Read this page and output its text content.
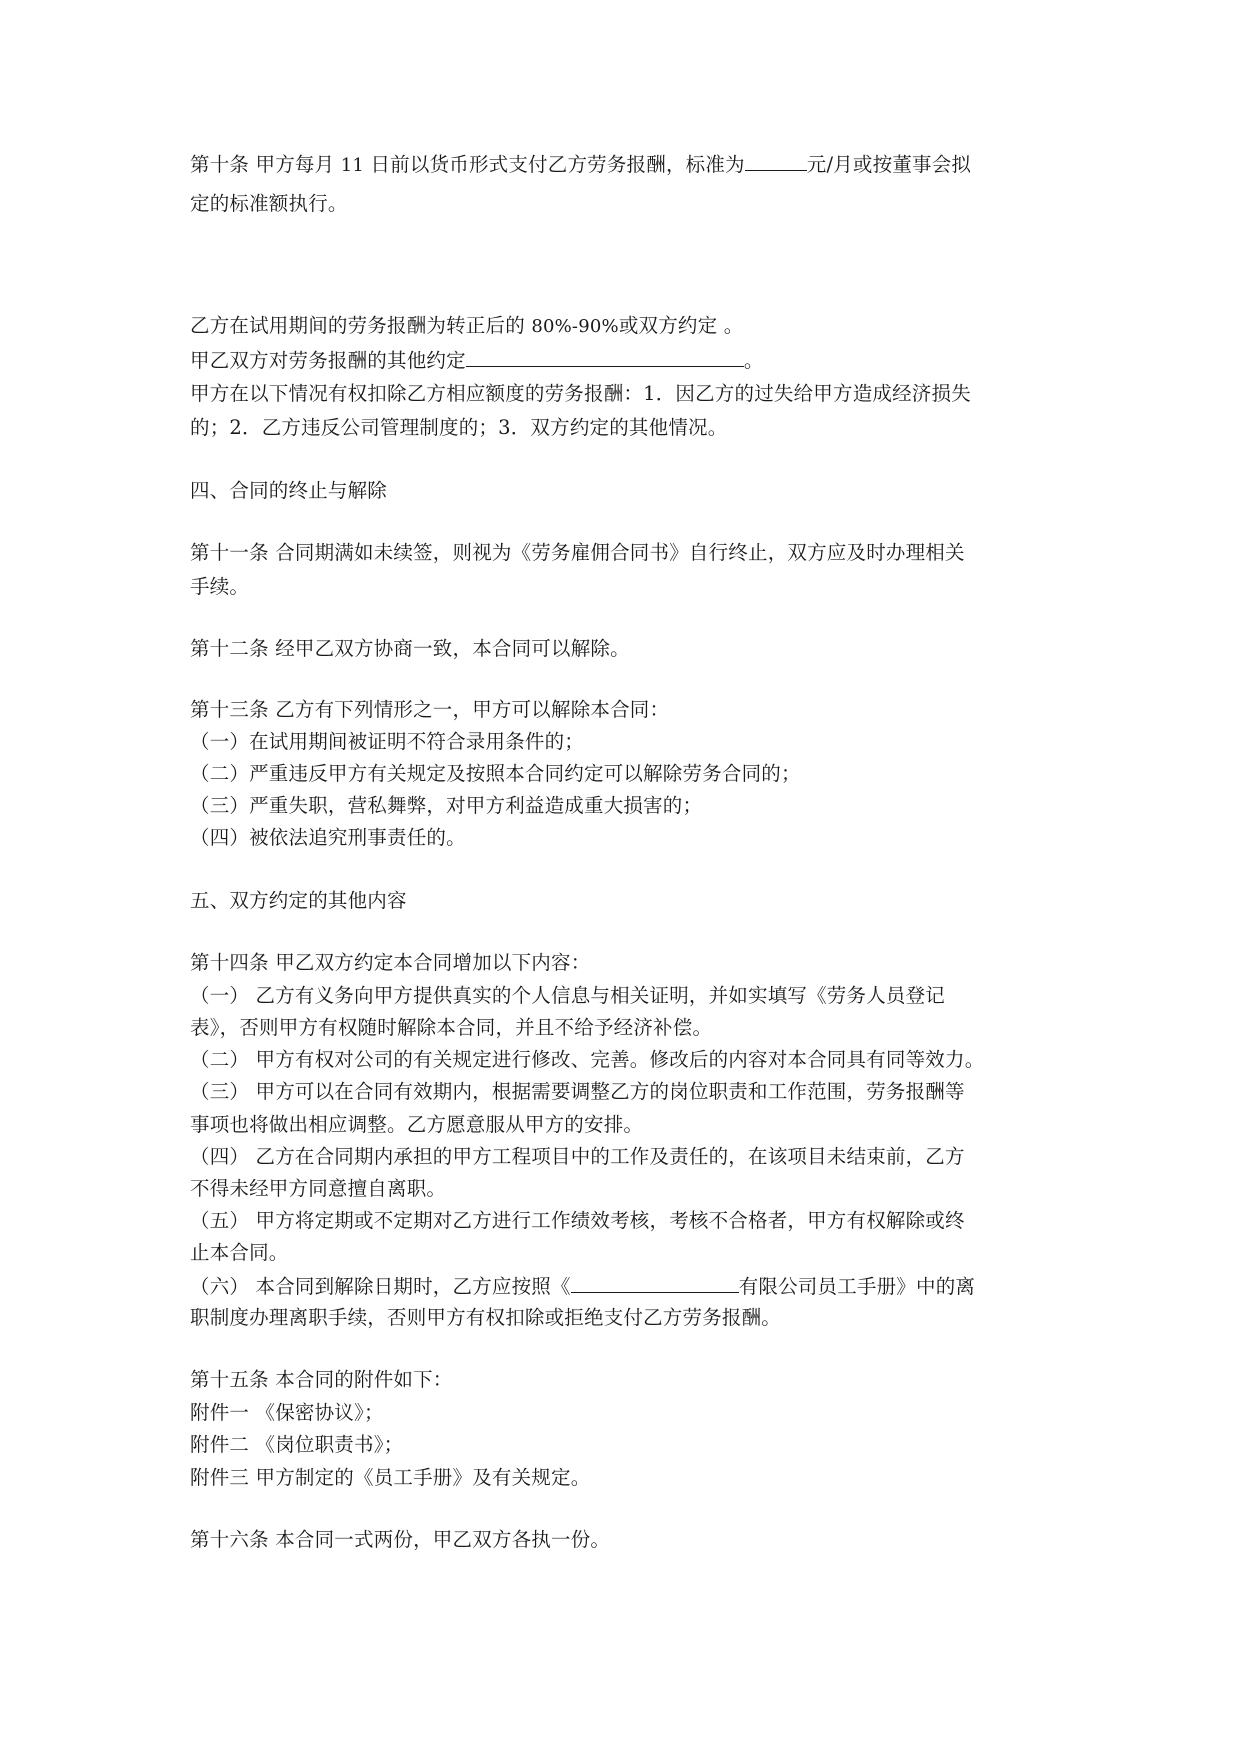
第十条 甲方每月 11 日前以货币形式支付乙方劳务报酬，标准为	元/月或按董事会拟
定的标准额执行。
乙方在试用期间的劳务报酬为转正后的 80%-90%或双方约定 。
甲乙双方对劳务报酬的其他约定	。
甲方在以下情况有权扣除乙方相应额度的劳务报酬：1．因乙方的过失给甲方造成经济损失
的；2．乙方违反公司管理制度的；3．双方约定的其他情况。
四、合同的终止与解除
第十一条 合同期满如未续签，则视为《劳务雇佣合同书》自行终止，双方应及时办理相关
手续。
第十二条 经甲乙双方协商一致，本合同可以解除。
第十三条 乙方有下列情形之一，甲方可以解除本合同：
（一）在试用期间被证明不符合录用条件的；
（二）严重违反甲方有关规定及按照本合同约定可以解除劳务合同的；
（三）严重失职，营私舞弊，对甲方利益造成重大损害的；
（四）被依法追究刑事责任的。
五、双方约定的其他内容
第十四条 甲乙双方约定本合同增加以下内容：
（一） 乙方有义务向甲方提供真实的个人信息与相关证明，并如实填写《劳务人员登记
表》，否则甲方有权随时解除本合同，并且不给予经济补偿。
（二） 甲方有权对公司的有关规定进行修改、完善。修改后的内容对本合同具有同等效力。
（三） 甲方可以在合同有效期内，根据需要调整乙方的岗位职责和工作范围，劳务报酬等
事项也将做出相应调整。乙方愿意服从甲方的安排。
（四） 乙方在合同期内承担的甲方工程项目中的工作及责任的，在该项目未结束前，乙方
不得未经甲方同意擅自离职。
（五） 甲方将定期或不定期对乙方进行工作绩效考核，考核不合格者，甲方有权解除或终
止本合同。
（六） 本合同到解除日期时，乙方应按照《	有限公司员工手册》中的离
职制度办理离职手续，否则甲方有权扣除或拒绝支付乙方劳务报酬。
第十五条 本合同的附件如下：
附件一 《保密协议》；
附件二 《岗位职责书》；
附件三 甲方制定的《员工手册》及有关规定。
第十六条 本合同一式两份，甲乙双方各执一份。
